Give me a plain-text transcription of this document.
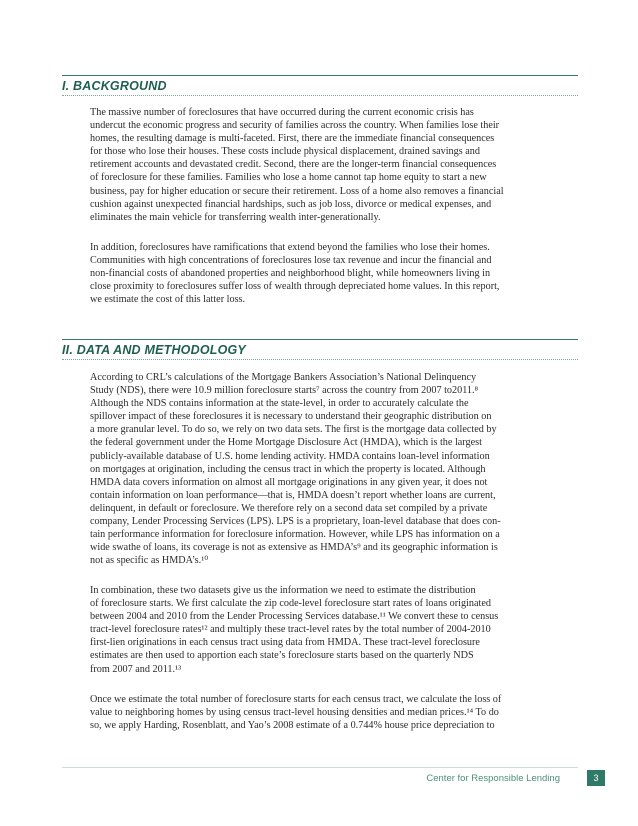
I. BACKGROUND
The massive number of foreclosures that have occurred during the current economic crisis has
undercut the economic progress and security of families across the country. When families lose their
homes, the resulting damage is multi-faceted. First, there are the immediate financial consequences
for those who lose their houses. These costs include physical displacement, drained savings and
retirement accounts and devastated credit. Second, there are the longer-term financial consequences
of foreclosure for these families. Families who lose a home cannot tap home equity to start a new
business, pay for higher education or secure their retirement. Loss of a home also removes a financial
cushion against unexpected financial hardships, such as job loss, divorce or medical expenses, and
eliminates the main vehicle for transferring wealth inter-generationally.
In addition, foreclosures have ramifications that extend beyond the families who lose their homes.
Communities with high concentrations of foreclosures lose tax revenue and incur the financial and
non-financial costs of abandoned properties and neighborhood blight, while homeowners living in
close proximity to foreclosures suffer loss of wealth through depreciated home values. In this report,
we estimate the cost of this latter loss.
II. DATA AND METHODOLOGY
According to CRL’s calculations of the Mortgage Bankers Association’s National Delinquency
Study (NDS), there were 10.9 million foreclosure starts⁷ across the country from 2007 to2011.⁸
Although the NDS contains information at the state-level, in order to accurately calculate the
spillover impact of these foreclosures it is necessary to understand their geographic distribution on
a more granular level. To do so, we rely on two data sets. The first is the mortgage data collected by
the federal government under the Home Mortgage Disclosure Act (HMDA), which is the largest
publicly-available database of U.S. home lending activity. HMDA contains loan-level information
on mortgages at origination, including the census tract in which the property is located. Although
HMDA data covers information on almost all mortgage originations in any given year, it does not
contain information on loan performance—that is, HMDA doesn’t report whether loans are current,
delinquent, in default or foreclosure. We therefore rely on a second data set compiled by a private
company, Lender Processing Services (LPS). LPS is a proprietary, loan-level database that does con-
tain performance information for foreclosure information. However, while LPS has information on a
wide swathe of loans, its coverage is not as extensive as HMDA’s⁹ and its geographic information is
not as specific as HMDA’s.¹⁰
In combination, these two datasets give us the information we need to estimate the distribution
of foreclosure starts. We first calculate the zip code-level foreclosure start rates of loans originated
between 2004 and 2010 from the Lender Processing Services database.¹¹ We convert these to census
tract-level foreclosure rates¹² and multiply these tract-level rates by the total number of 2004-2010
first-lien originations in each census tract using data from HMDA. These tract-level foreclosure
estimates are then used to apportion each state’s foreclosure starts based on the quarterly NDS
from 2007 and 2011.¹³
Once we estimate the total number of foreclosure starts for each census tract, we calculate the loss of
value to neighboring homes by using census tract-level housing densities and median prices.¹⁴ To do
so, we apply Harding, Rosenblatt, and Yao’s 2008 estimate of a 0.744% house price depreciation to
Center for Responsible Lending	3
